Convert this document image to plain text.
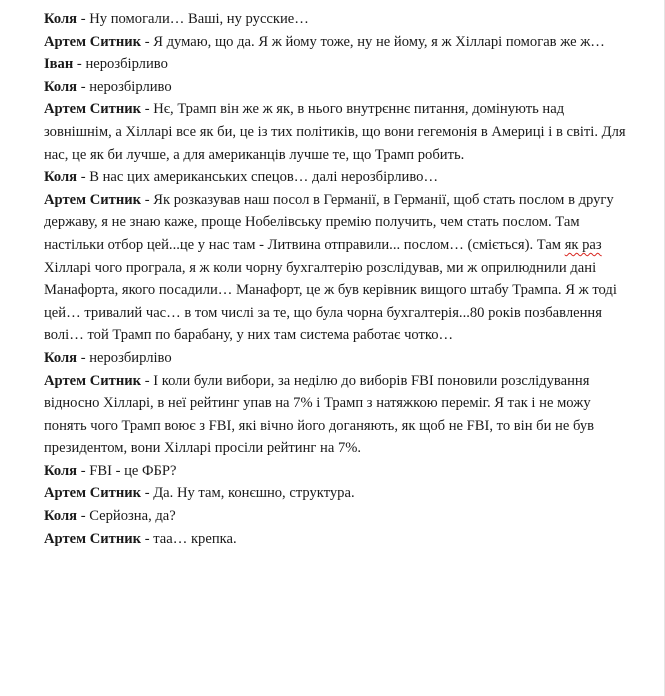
Коля - Ну помогали… Ваші, ну русские…

Артем Ситник - Я думаю, що да. Я ж йому тоже, ну не йому, я ж Хілларі помогав же ж…

Іван - нерозбірливо

Коля - нерозбірливо

Артем Ситник - Нє, Трамп він же ж як, в нього внутрєннє питання, домінують над зовнішнім, а Хілларі все як би, це із тих політиків, що вони гегемонія в Америці і в світі. Для нас, це як би лучше, а для американців лучше те, що Трамп робить.

Коля - В нас цих американських спецов… далі нерозбірливо…

Артем Ситник - Як розказував наш посол в Германії, в Германії, щоб стать послом в другу державу, я не знаю каже, проще Нобелівську премію получить, чем стать послом. Там настільки отбор цей...це у нас там - Литвина отправили... послом… (сміється). Там як раз Хілларі чого програла, я ж коли чорну бухгалтерію розслідував, ми ж оприлюднили дані Манафорта, якого посадили… Манафорт, це ж був керівник вищого штабу Трампа. Я ж тоді цей… тривалий час… в том числі за те, що була чорна бухгалтерія...80 років позбавлення волі… той Трамп по барабану, у них там система работає чотко…

Коля - нерозбирліво

Артем Ситник - І коли були вибори, за неділю до виборів FBI поновили розслідування відносно Хілларі, в неї рейтинг упав на 7% і Трамп з натяжкою переміг. Я так і не можу понять чого Трамп воює з FBI, які вічно його доганяють, як щоб не FBI, то він би не був президентом, вони Хілларі просіли рейтинг на 7%.

Коля - FBI - це ФБР?

Артем Ситник - Да. Ну там, конєшно, структура.

Коля - Серйозна, да?

Артем Ситник - таа… крепка.
